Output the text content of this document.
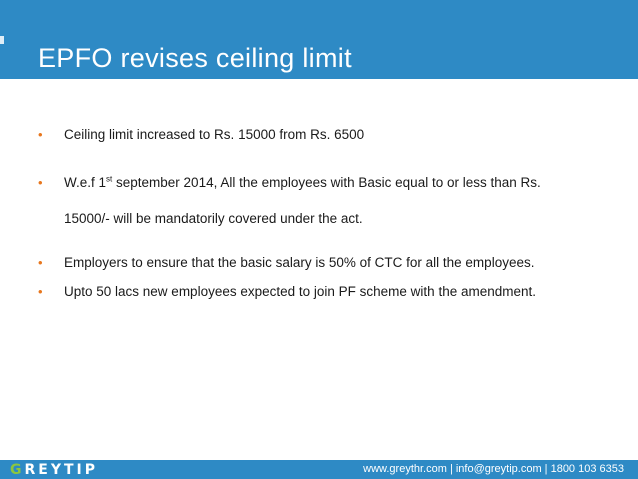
EPFO revises ceiling limit
• Ceiling limit increased to Rs. 15000 from Rs. 6500
• W.e.f 1st september 2014, All the employees with Basic equal to or less than Rs.
15000/- will be mandatorily covered under the act.
• Employers to ensure that the basic salary is 50% of CTC for all the employees.
• Upto 50 lacs new employees expected to join PF scheme with the amendment.
GREYTIP	www.greythr.com | info@greytip.com | 1800 103 6353
